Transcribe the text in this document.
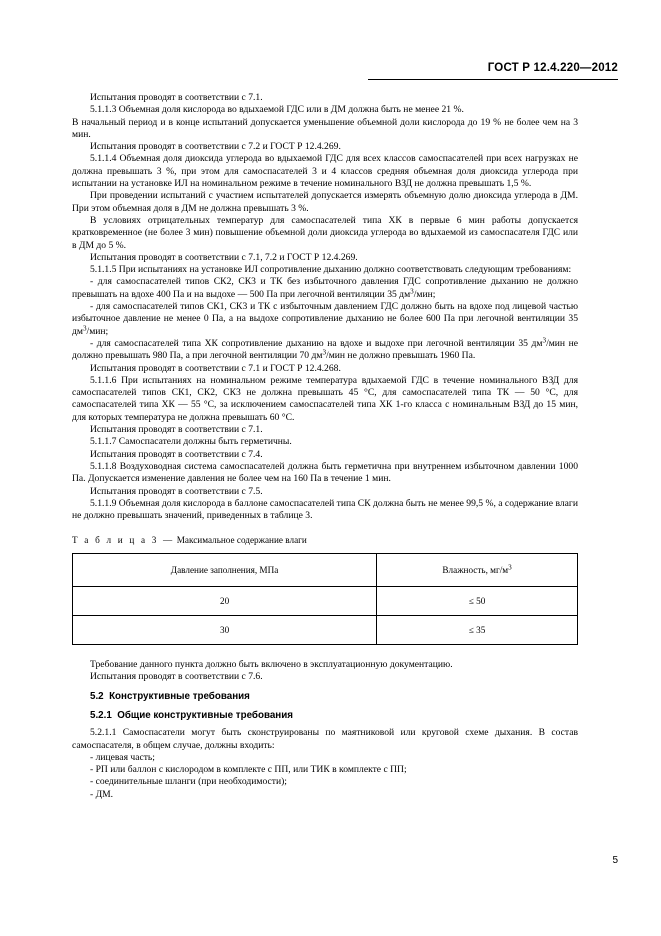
ГОСТ Р 12.4.220—2012

Испытания проводят в соответствии с 7.1.

5.1.1.3 Объемная доля кислорода во вдыхаемой ГДС или в ДМ должна быть не менее 21 %.

В начальный период и в конце испытаний допускается уменьшение объемной доли кислорода до 19 % не более чем на 3 мин.

Испытания проводят в соответствии с 7.2 и ГОСТ Р 12.4.269.

5.1.1.4 Объемная доля диоксида углерода во вдыхаемой ГДС для всех классов самоспасателей при всех нагрузках не должна превышать 3 %, при этом для самоспасателей 3 и 4 классов средняя объемная доля диоксида углерода при испытании на установке ИЛ на номинальном режиме в течение номинального ВЗД не должна превышать 1,5 %.

При проведении испытаний с участием испытателей допускается измерять объемную долю диоксида углерода в ДМ. При этом объемная доля в ДМ не должна превышать 3 %.

В условиях отрицательных температур для самоспасателей типа ХК в первые 6 мин работы допускается кратковременное (не более 3 мин) повышение объемной доли диоксида углерода во вдыхаемой из самоспасателя ГДС или в ДМ до 5 %.

Испытания проводят в соответствии с 7.1, 7.2 и ГОСТ Р 12.4.269.

5.1.1.5 При испытаниях на установке ИЛ сопротивление дыханию должно соответствовать следующим требованиям:

- для самоспасателей типов СК2, СК3 и ТК без избыточного давления ГДС сопротивление дыханию не должно превышать на вдохе 400 Па и на выдохе — 500 Па при легочной вентиляции 35 $дм^3$/мин;

- для самоспасателей типов СК1, СК3 и ТК с избыточным давлением ГДС должно быть на вдохе под лицевой частью избыточное давление не менее 0 Па, а на выдохе сопротивление дыханию не более 600 Па при легочной вентиляции 35 $дм^3$/мин;

- для самоспасателей типа ХК сопротивление дыханию на вдохе и выдохе при легочной вентиляции 35 $дм^3$/мин не должно превышать 980 Па, а при легочной вентиляции 70 $дм^3$/мин не должно превышать 1960 Па.

Испытания проводят в соответствии с 7.1 и ГОСТ Р 12.4.268.

5.1.1.6 При испытаниях на номинальном режиме температура вдыхаемой ГДС в течение номинального ВЗД для самоспасателей типов СК1, СК2, СК3 не должна превышать 45 °С, для самоспасателей типа ТК — 50 °С, для самоспасателей типа ХК — 55 °С, за исключением самоспасателей типа ХК 1-го класса с номинальным ВЗД до 15 мин, для которых температура не должна превышать 60 °С.

Испытания проводят в соответствии с 7.1.

5.1.1.7 Самоспасатели должны быть герметичны.

Испытания проводят в соответствии с 7.4.

5.1.1.8 Воздуховодная система самоспасателей должна быть герметична при внутреннем избыточном давлении 1000 Па. Допускается изменение давления не более чем на 160 Па в течение 1 мин.

Испытания проводят в соответствии с 7.5.

5.1.1.9 Объемная доля кислорода в баллоне самоспасателей типа СК должна быть не менее 99,5 %, а содержание влаги не должно превышать значений, приведенных в таблице 3.

Т а б л и ц а 3 — Максимальное содержание влаги

Давление заполнения, МПа	Влажность, $мг/м^3$
20	≤ 50
30	≤ 35

Требование данного пункта должно быть включено в эксплуатационную документацию.

Испытания проводят в соответствии с 7.6.

5.2 Конструктивные требования
5.2.1 Общие конструктивные требования

5.2.1.1 Самоспасатели могут быть сконструированы по маятниковой или круговой схеме дыхания. В состав самоспасателя, в общем случае, должны входить:

- лицевая часть;

- РП или баллон с кислородом в комплекте с ПП, или ТИК в комплекте с ПП;

- соединительные шланги (при необходимости);

- ДМ.

5
